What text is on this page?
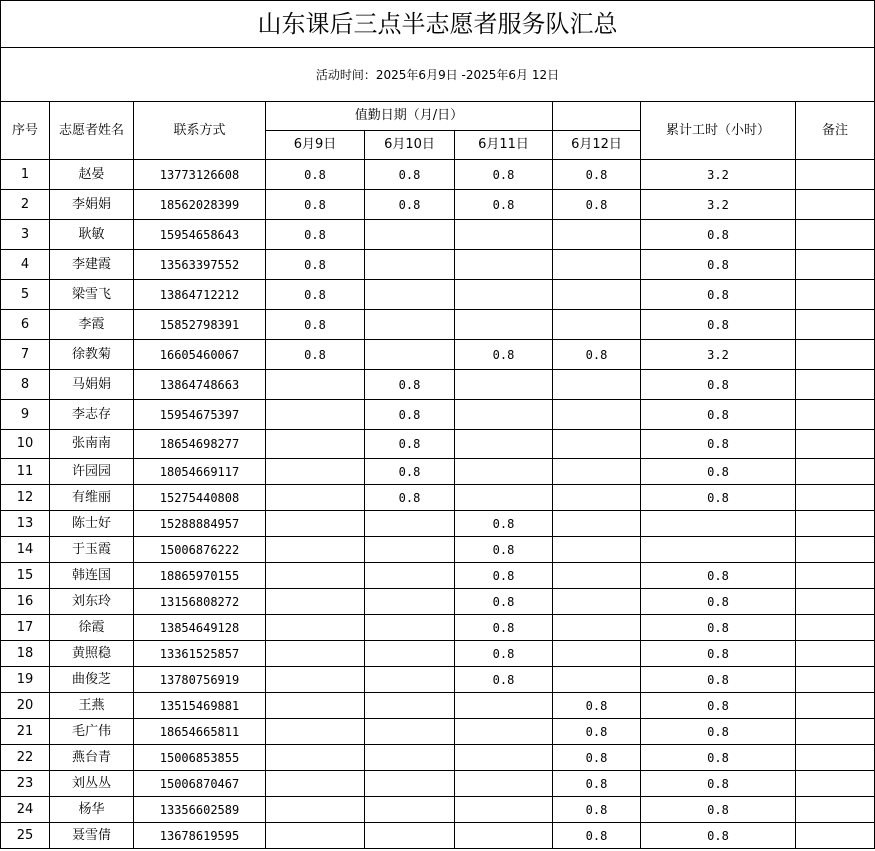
山东课后三点半志愿者服务队汇总								
活动时间：2025年6月9日 -2025年6月 12日								
序号	志愿者姓名	联系方式	值勤日期（月/日）				累计工时（小时）	备注
			6月9日	6月10日	6月11日	6月12日		
1	赵晏	13773126608	0.8	0.8	0.8	0.8	3.2	
2	李娟娟	18562028399	0.8	0.8	0.8	0.8	3.2	
3	耿敏	15954658643	0.8				0.8	
4	李建霞	13563397552	0.8				0.8	
5	梁雪飞	13864712212	0.8				0.8	
6	李霞	15852798391	0.8				0.8	
7	徐教菊	16605460067	0.8		0.8	0.8	3.2	
8	马娟娟	13864748663		0.8			0.8	
9	李志存	15954675397		0.8			0.8	
10	张南南	18654698277		0.8			0.8	
11	许园园	18054669117		0.8			0.8	
12	有维丽	15275440808		0.8			0.8	
13	陈士好	15288884957			0.8			
14	于玉霞	15006876222			0.8			
15	韩连国	18865970155			0.8		0.8	
16	刘东玲	13156808272			0.8		0.8	
17	徐霞	13854649128			0.8		0.8	
18	黄照稳	13361525857			0.8		0.8	
19	曲俊芝	13780756919			0.8		0.8	
20	王燕	13515469881				0.8	0.8	
21	毛广伟	18654665811				0.8	0.8	
22	燕台青	15006853855				0.8	0.8	
23	刘丛丛	15006870467				0.8	0.8	
24	杨华	13356602589				0.8	0.8	
25	聂雪倩	13678619595				0.8	0.8	
